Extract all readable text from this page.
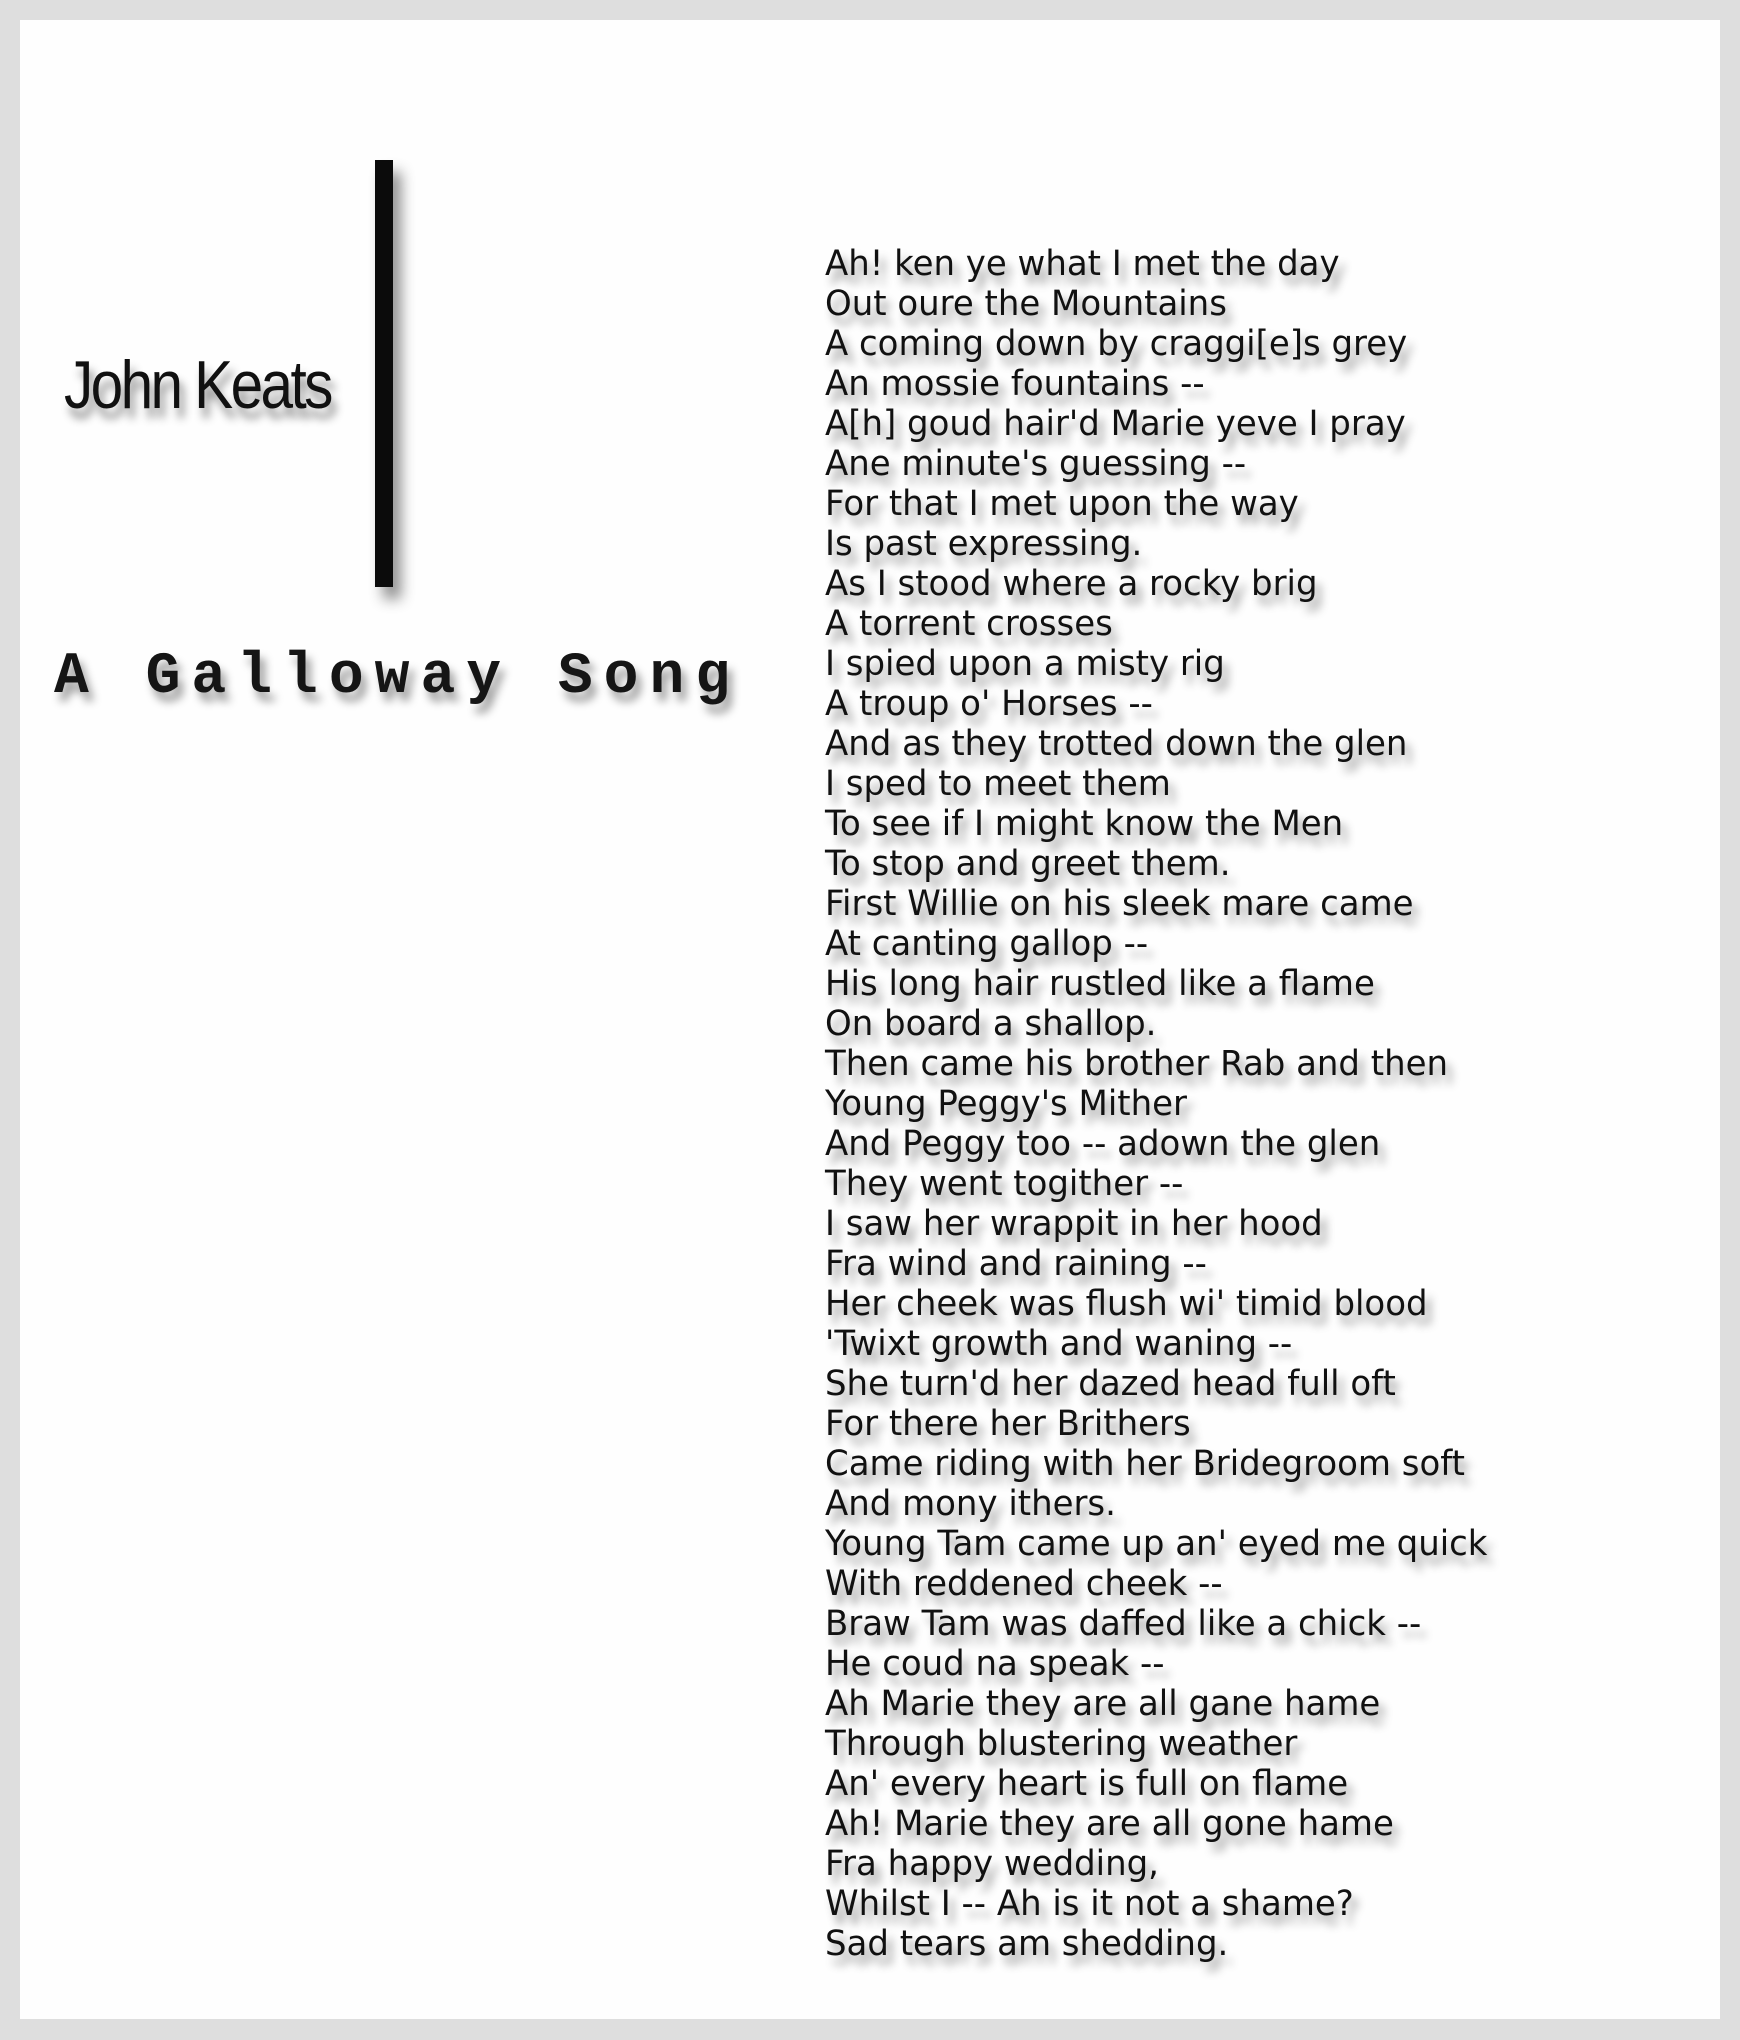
John Keats
A Galloway Song
Ah! ken ye what I met the day
Out oure the Mountains
A coming down by craggi[e]s grey
An mossie fountains --
A[h] goud hair'd Marie yeve I pray
Ane minute's guessing --
For that I met upon the way
Is past expressing.
As I stood where a rocky brig
A torrent crosses
I spied upon a misty rig
A troup o' Horses --
And as they trotted down the glen
I sped to meet them
To see if I might know the Men
To stop and greet them.
First Willie on his sleek mare came
At canting gallop --
His long hair rustled like a flame
On board a shallop.
Then came his brother Rab and then
Young Peggy's Mither
And Peggy too -- adown the glen
They went togither --
I saw her wrappit in her hood
Fra wind and raining --
Her cheek was flush wi' timid blood
'Twixt growth and waning --
She turn'd her dazed head full oft
For there her Brithers
Came riding with her Bridegroom soft
And mony ithers.
Young Tam came up an' eyed me quick
With reddened cheek --
Braw Tam was daffed like a chick --
He coud na speak --
Ah Marie they are all gane hame
Through blustering weather
An' every heart is full on flame
Ah! Marie they are all gone hame
Fra happy wedding,
Whilst I -- Ah is it not a shame?
Sad tears am shedding.
